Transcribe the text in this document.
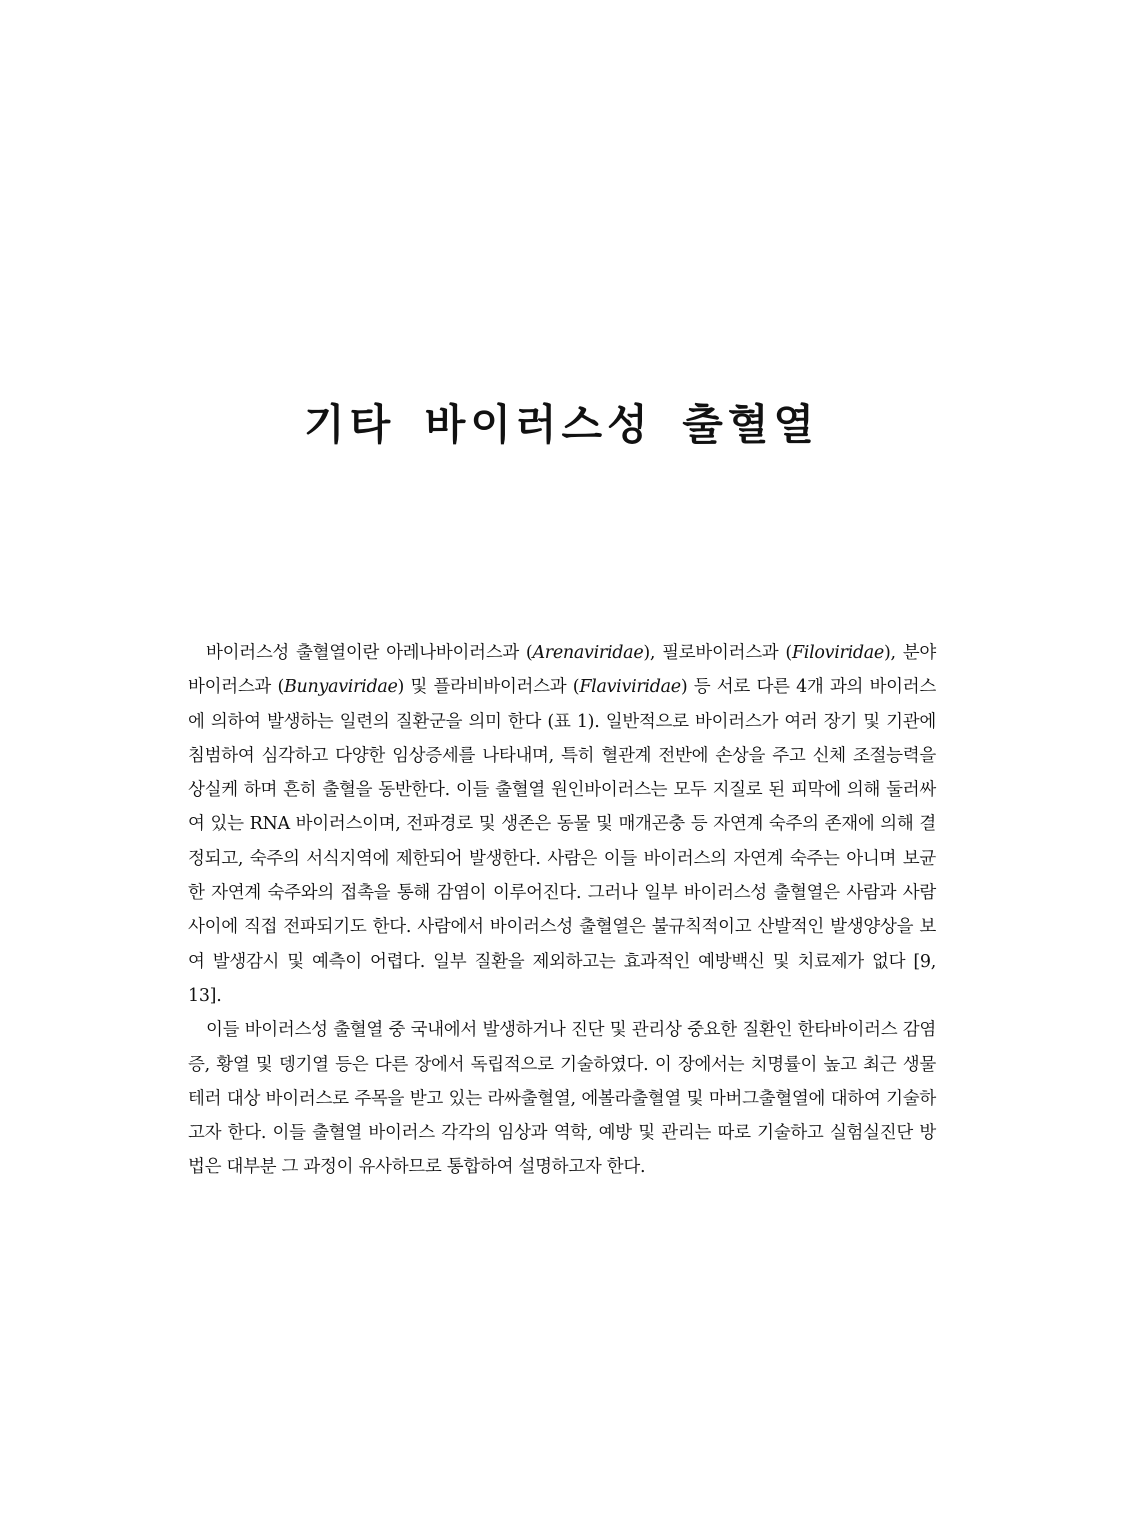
기타 바이러스성 출혈열

바이러스성 출혈열이란 아레나바이러스과 (Arenaviridae), 필로바이러스과 (Filoviridae), 분야바이러스과 (Bunyaviridae) 및 플라비바이러스과 (Flaviviridae) 등 서로 다른 4개 과의 바이러스에 의하여 발생하는 일련의 질환군을 의미 한다 (표 1). 일반적으로 바이러스가 여러 장기 및 기관에 침범하여 심각하고 다양한 임상증세를 나타내며, 특히 혈관계 전반에 손상을 주고 신체 조절능력을 상실케 하며 흔히 출혈을 동반한다. 이들 출혈열 원인바이러스는 모두 지질로 된 피막에 의해 둘러싸여 있는 RNA 바이러스이며, 전파경로 및 생존은 동물 및 매개곤충 등 자연계 숙주의 존재에 의해 결정되고, 숙주의 서식지역에 제한되어 발생한다. 사람은 이들 바이러스의 자연계 숙주는 아니며 보균한 자연계 숙주와의 접촉을 통해 감염이 이루어진다. 그러나 일부 바이러스성 출혈열은 사람과 사람사이에 직접 전파되기도 한다. 사람에서 바이러스성 출혈열은 불규칙적이고 산발적인 발생양상을 보여 발생감시 및 예측이 어렵다. 일부 질환을 제외하고는 효과적인 예방백신 및 치료제가 없다 [9, 13].

이들 바이러스성 출혈열 중 국내에서 발생하거나 진단 및 관리상 중요한 질환인 한타바이러스 감염증, 황열 및 뎅기열 등은 다른 장에서 독립적으로 기술하였다. 이 장에서는 치명률이 높고 최근 생물테러 대상 바이러스로 주목을 받고 있는 라싸출혈열, 에볼라출혈열 및 마버그출혈열에 대하여 기술하고자 한다. 이들 출혈열 바이러스 각각의 임상과 역학, 예방 및 관리는 따로 기술하고 실험실진단 방법은 대부분 그 과정이 유사하므로 통합하여 설명하고자 한다.
